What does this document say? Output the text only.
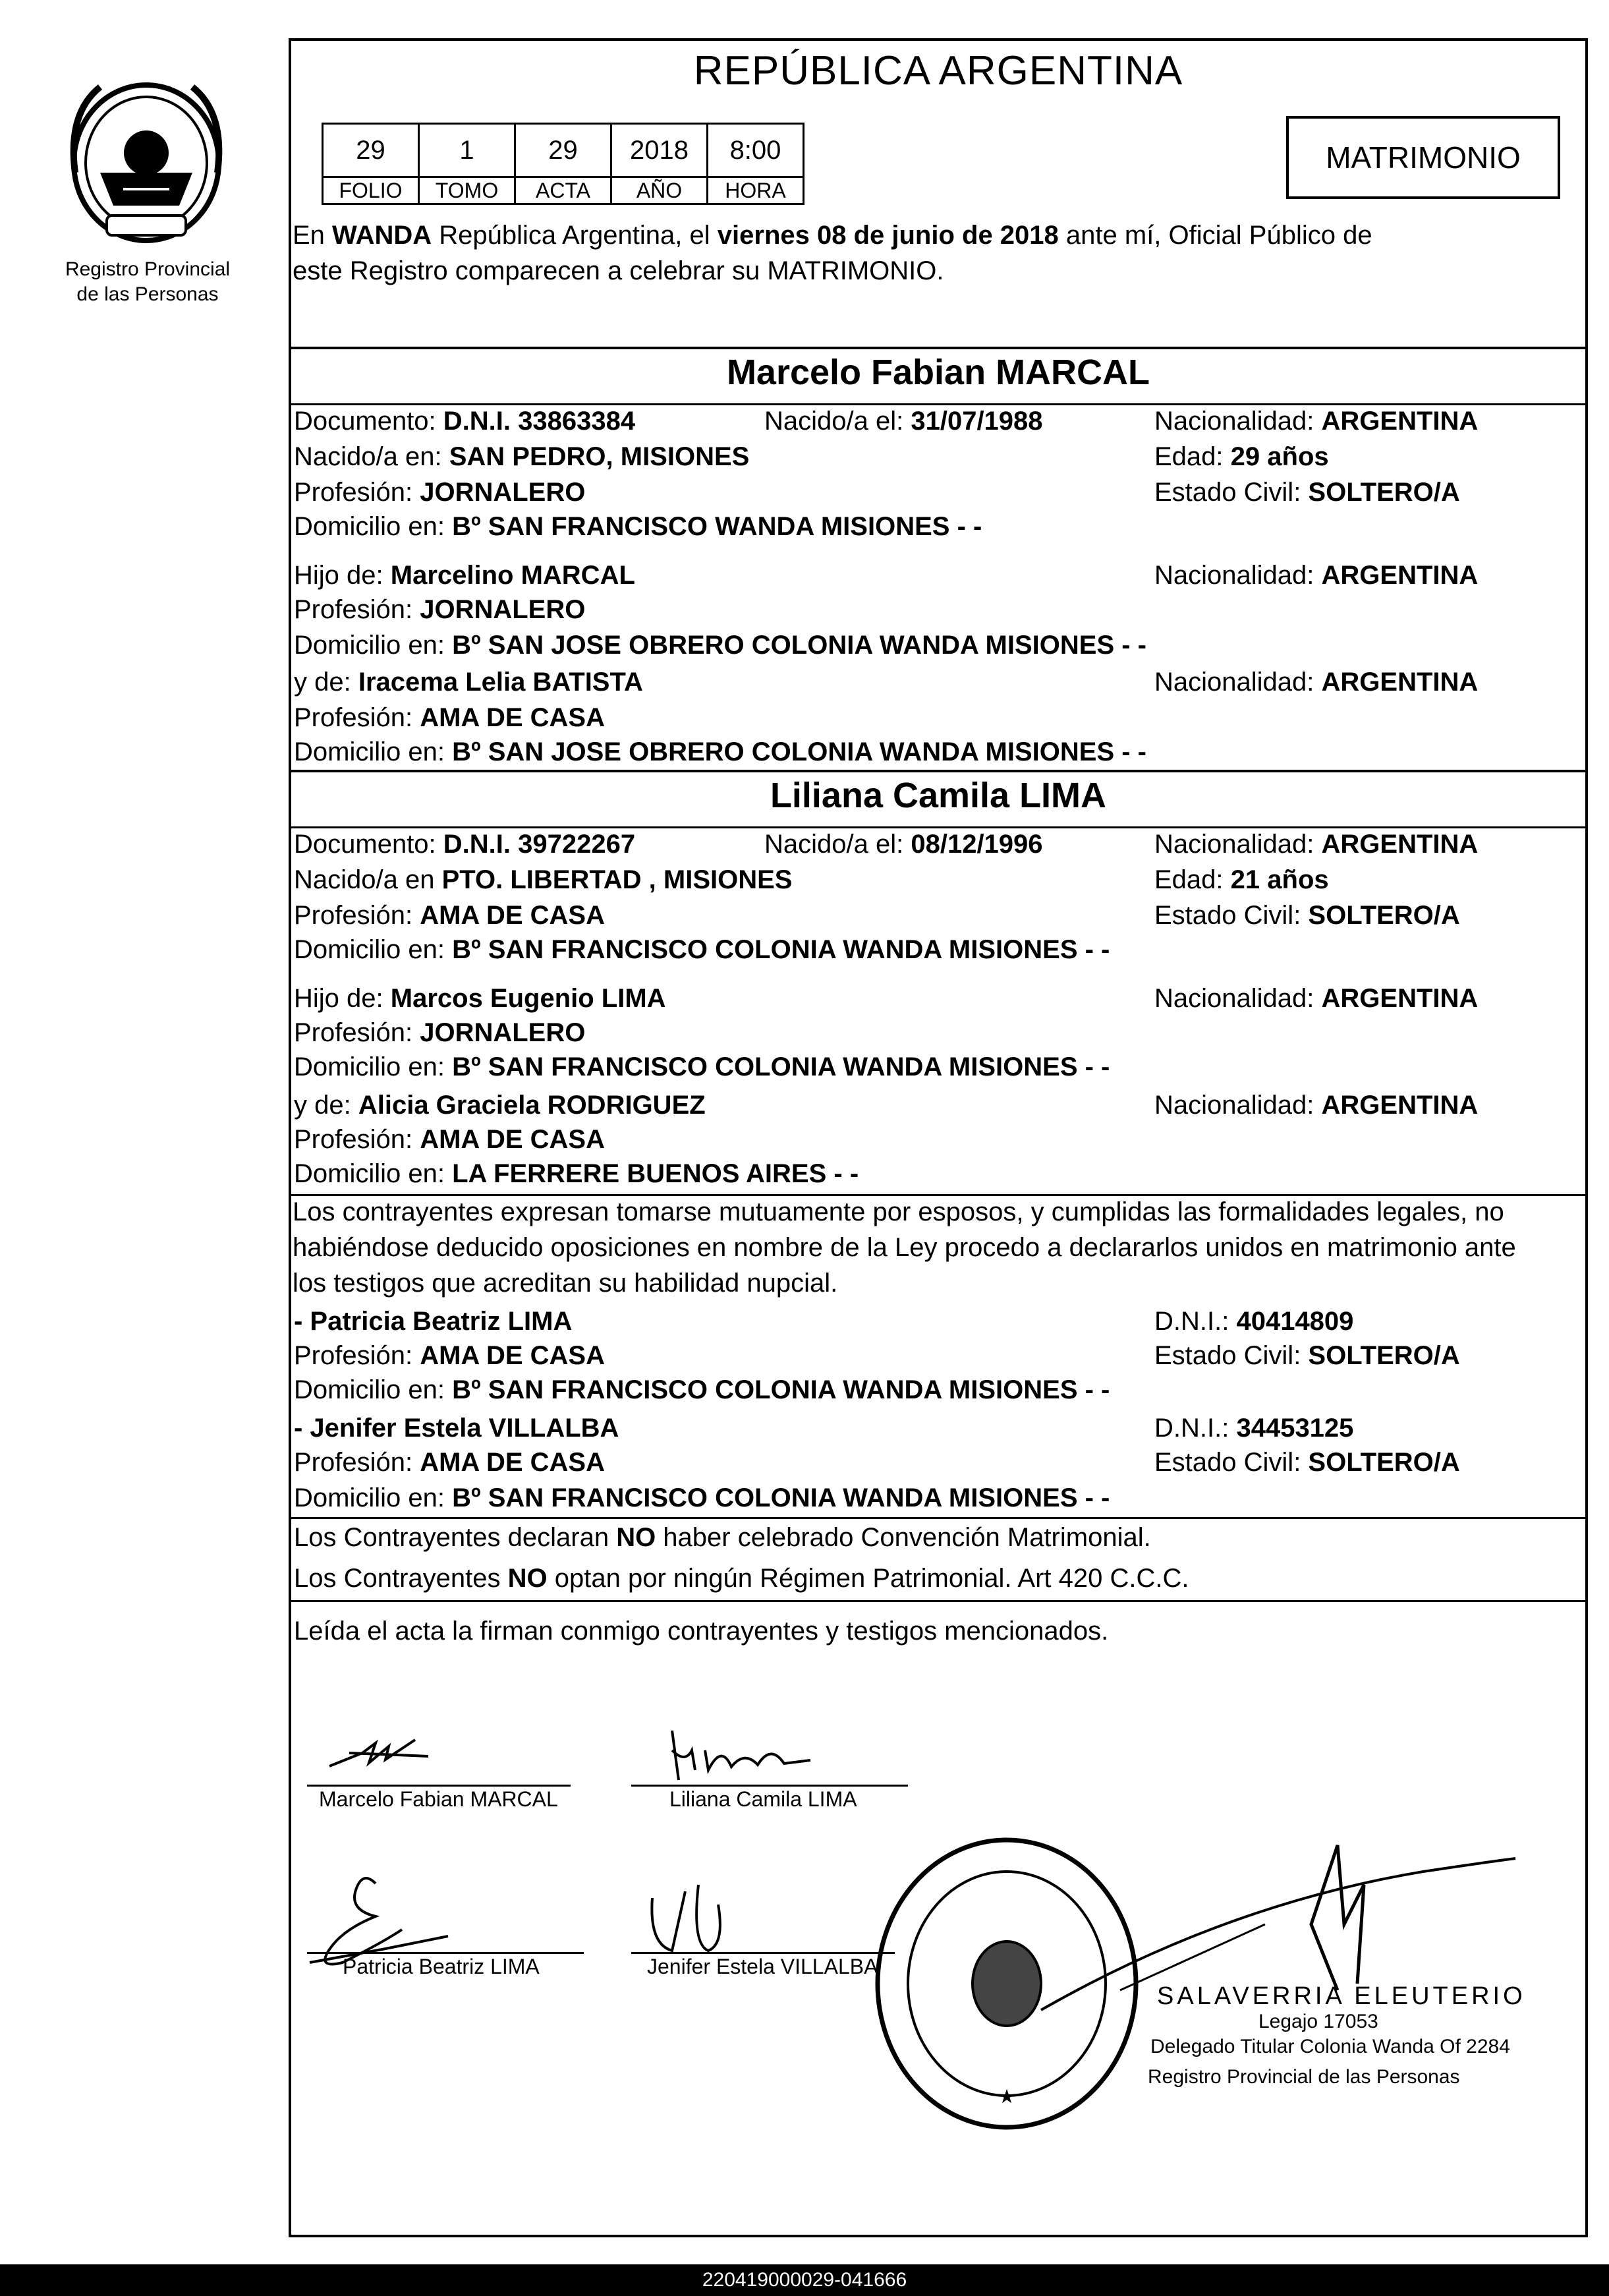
Registro Provincial
de las Personas
REPÚBLICA ARGENTINA
29	1	29	2018	8:00
FOLIO	TOMO	ACTA	AÑO	HORA
MATRIMONIO
En WANDA República Argentina, el viernes 08 de junio de 2018 ante mí, Oficial Público de
este Registro comparecen a celebrar su MATRIMONIO.
Marcelo Fabian MARCAL
Documento: D.N.I. 33863384	Nacido/a el: 31/07/1988	Nacionalidad: ARGENTINA
Nacido/a en: SAN PEDRO, MISIONES	Edad: 29 años
Profesión: JORNALERO	Estado Civil: SOLTERO/A
Domicilio en: Bº SAN FRANCISCO WANDA MISIONES - -
Hijo de: Marcelino MARCAL	Nacionalidad: ARGENTINA
Profesión: JORNALERO
Domicilio en: Bº SAN JOSE OBRERO COLONIA WANDA MISIONES - -
y de: Iracema Lelia BATISTA	Nacionalidad: ARGENTINA
Profesión: AMA DE CASA
Domicilio en: Bº SAN JOSE OBRERO COLONIA WANDA MISIONES - -
Liliana Camila LIMA
Documento: D.N.I. 39722267	Nacido/a el: 08/12/1996	Nacionalidad: ARGENTINA
Nacido/a en PTO. LIBERTAD , MISIONES	Edad: 21 años
Profesión: AMA DE CASA	Estado Civil: SOLTERO/A
Domicilio en: Bº SAN FRANCISCO COLONIA WANDA MISIONES - -
Hijo de: Marcos Eugenio LIMA	Nacionalidad: ARGENTINA
Profesión: JORNALERO
Domicilio en: Bº SAN FRANCISCO COLONIA WANDA MISIONES - -
y de: Alicia Graciela RODRIGUEZ	Nacionalidad: ARGENTINA
Profesión: AMA DE CASA
Domicilio en: LA FERRERE BUENOS AIRES - -
Los contrayentes expresan tomarse mutuamente por esposos, y cumplidas las formalidades legales, no
habiéndose deducido oposiciones en nombre de la Ley procedo a declararlos unidos en matrimonio ante
los testigos que acreditan su habilidad nupcial.
- Patricia Beatriz LIMA	D.N.I.: 40414809
Profesión: AMA DE CASA	Estado Civil: SOLTERO/A
Domicilio en: Bº SAN FRANCISCO COLONIA WANDA MISIONES - -
- Jenifer Estela VILLALBA	D.N.I.: 34453125
Profesión: AMA DE CASA	Estado Civil: SOLTERO/A
Domicilio en: Bº SAN FRANCISCO COLONIA WANDA MISIONES - -
Los Contrayentes declaran NO haber celebrado Convención Matrimonial.
Los Contrayentes NO optan por ningún Régimen Patrimonial. Art 420 C.C.C.
Leída el acta la firman conmigo contrayentes y testigos mencionados.
Marcelo Fabian MARCAL	Liliana Camila LIMA
Patricia Beatriz LIMA	Jenifer Estela VILLALBA
★
SALAVERRIA ELEUTERIO
Legajo 17053
Delegado Titular Colonia Wanda Of 2284
Registro Provincial de las Personas
220419000029-041666
